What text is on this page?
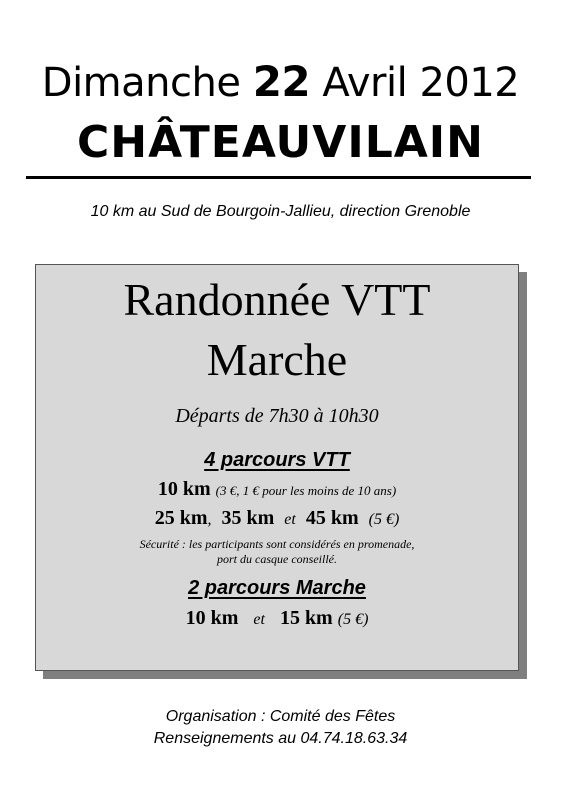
Dimanche 22 Avril 2012
CHÂTEAUVILAIN
10 km au Sud de Bourgoin-Jallieu, direction Grenoble
Randonnée VTT
Marche
Départs de 7h30 à 10h30
4 parcours VTT
10 km (3 €, 1 € pour les moins de 10 ans)
25 km, 35 km et 45 km (5 €)
Sécurité : les participants sont considérés en promenade,
port du casque conseillé.
2 parcours Marche
10 km et 15 km (5 €)
Organisation : Comité des Fêtes
Renseignements au 04.74.18.63.34
